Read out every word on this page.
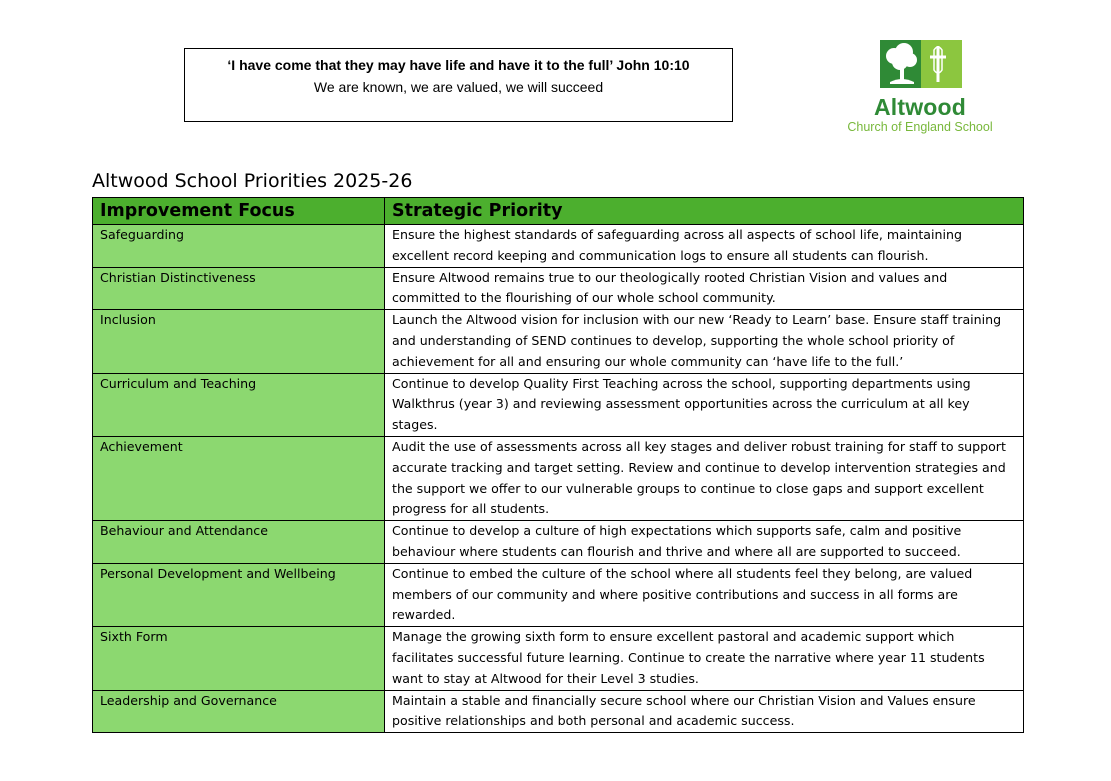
‘I have come that they may have life and have it to the full’ John 10:10
We are known, we are valued, we will succeed
Altwood
Church of England School
Altwood School Priorities 2025-26
Improvement Focus	Strategic Priority
Safeguarding	Ensure the highest standards of safeguarding across all aspects of school life, maintaining excellent record keeping and communication logs to ensure all students can flourish.
Christian Distinctiveness	Ensure Altwood remains true to our theologically rooted Christian Vision and values and committed to the flourishing of our whole school community.
Inclusion	Launch the Altwood vision for inclusion with our new ‘Ready to Learn’ base. Ensure staff training and understanding of SEND continues to develop, supporting the whole school priority of achievement for all and ensuring our whole community can ‘have life to the full.’
Curriculum and Teaching	Continue to develop Quality First Teaching across the school, supporting departments using Walkthrus (year 3) and reviewing assessment opportunities across the curriculum at all key stages.
Achievement	Audit the use of assessments across all key stages and deliver robust training for staff to support accurate tracking and target setting. Review and continue to develop intervention strategies and the support we offer to our vulnerable groups to continue to close gaps and support excellent progress for all students.
Behaviour and Attendance	Continue to develop a culture of high expectations which supports safe, calm and positive behaviour where students can flourish and thrive and where all are supported to succeed.
Personal Development and Wellbeing	Continue to embed the culture of the school where all students feel they belong, are valued members of our community and where positive contributions and success in all forms are rewarded.
Sixth Form	Manage the growing sixth form to ensure excellent pastoral and academic support which facilitates successful future learning. Continue to create the narrative where year 11 students want to stay at Altwood for their Level 3 studies.
Leadership and Governance	Maintain a stable and financially secure school where our Christian Vision and Values ensure positive relationships and both personal and academic success.
